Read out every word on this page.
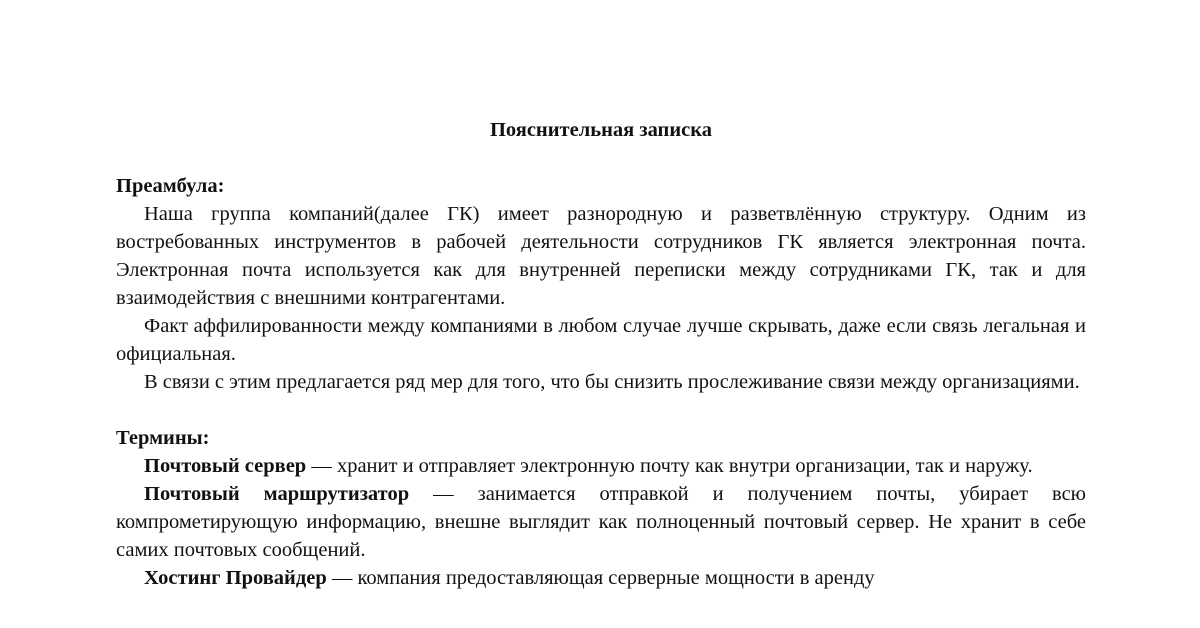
Пояснительная записка

Преамбула:

Наша группа компаний(далее ГК) имеет разнородную и разветвлённую структуру. Одним из востребованных инструментов в рабочей деятельности сотрудников ГК является электронная почта. Электронная почта используется как для внутренней переписки между сотрудниками ГК, так и для взаимодействия с внешними контрагентами.

Факт аффилированности между компаниями в любом случае лучше скрывать, даже если связь легальная и официальная.

В связи с этим предлагается ряд мер для того, что бы снизить прослеживание связи между организациями.

Термины:

Почтовый сервер — хранит и отправляет электронную почту как внутри организации, так и наружу.

Почтовый маршрутизатор — занимается отправкой и получением почты, убирает всю компрометирующую информацию, внешне выглядит как полноценный почтовый сервер. Не хранит в себе самих почтовых сообщений.

Хостинг Провайдер — компания предоставляющая серверные мощности в аренду
